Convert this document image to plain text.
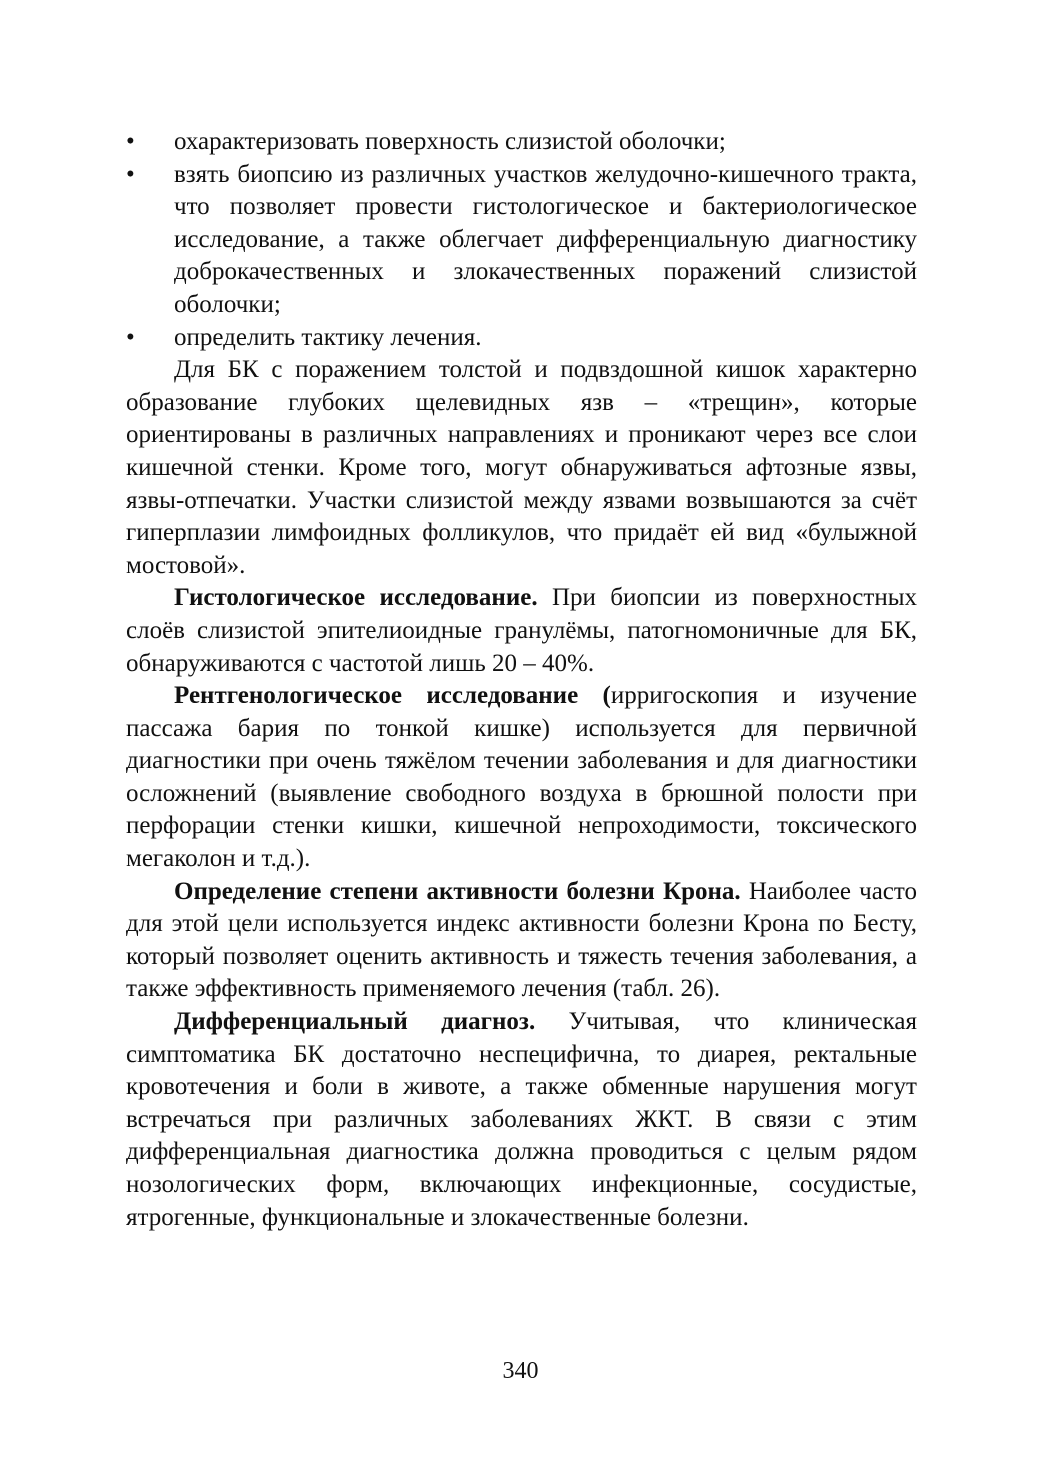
•	охарактеризовать поверхность слизистой оболочки;
•	взять биопсию из различных участков желудочно-кишечного тракта, что позволяет провести гистологическое и бактериологическое исследование, а также облегчает дифференциальную диагностику доброкачественных и злокачественных поражений слизистой оболочки;
•	определить тактику лечения.

Для БК с поражением толстой и подвздошной кишок характерно образование глубоких щелевидных язв – «трещин», которые ориентированы в различных направлениях и проникают через все слои кишечной стенки. Кроме того, могут обнаруживаться афтозные язвы, язвы-отпечатки. Участки слизистой между язвами возвышаются за счёт гиперплазии лимфоидных фолликулов, что придаёт ей вид «булыжной мостовой».

Гистологическое исследование. При биопсии из поверхностных слоёв слизистой эпителиоидные гранулёмы, патогномоничные для БК, обнаруживаются с частотой лишь 20 – 40%.

Рентгенологическое исследование (ирригоскопия и изучение пассажа бария по тонкой кишке) используется для первичной диагностики при очень тяжёлом течении заболевания и для диагностики осложнений (выявление свободного воздуха в брюшной полости при перфорации стенки кишки, кишечной непроходимости, токсического мегаколон и т.д.).

Определение степени активности болезни Крона. Наиболее часто для этой цели используется индекс активности болезни Крона по Бесту, который позволяет оценить активность и тяжесть течения заболевания, а также эффективность применяемого лечения (табл. 26).

Дифференциальный диагноз. Учитывая, что клиническая симптоматика БК достаточно неспецифична, то диарея, ректальные кровотечения и боли в животе, а также обменные нарушения могут встречаться при различных заболеваниях ЖКТ. В связи с этим дифференциальная диагностика должна проводиться с целым рядом нозологических форм, включающих инфекционные, сосудистые, ятрогенные, функциональные и злокачественные болезни.

340
